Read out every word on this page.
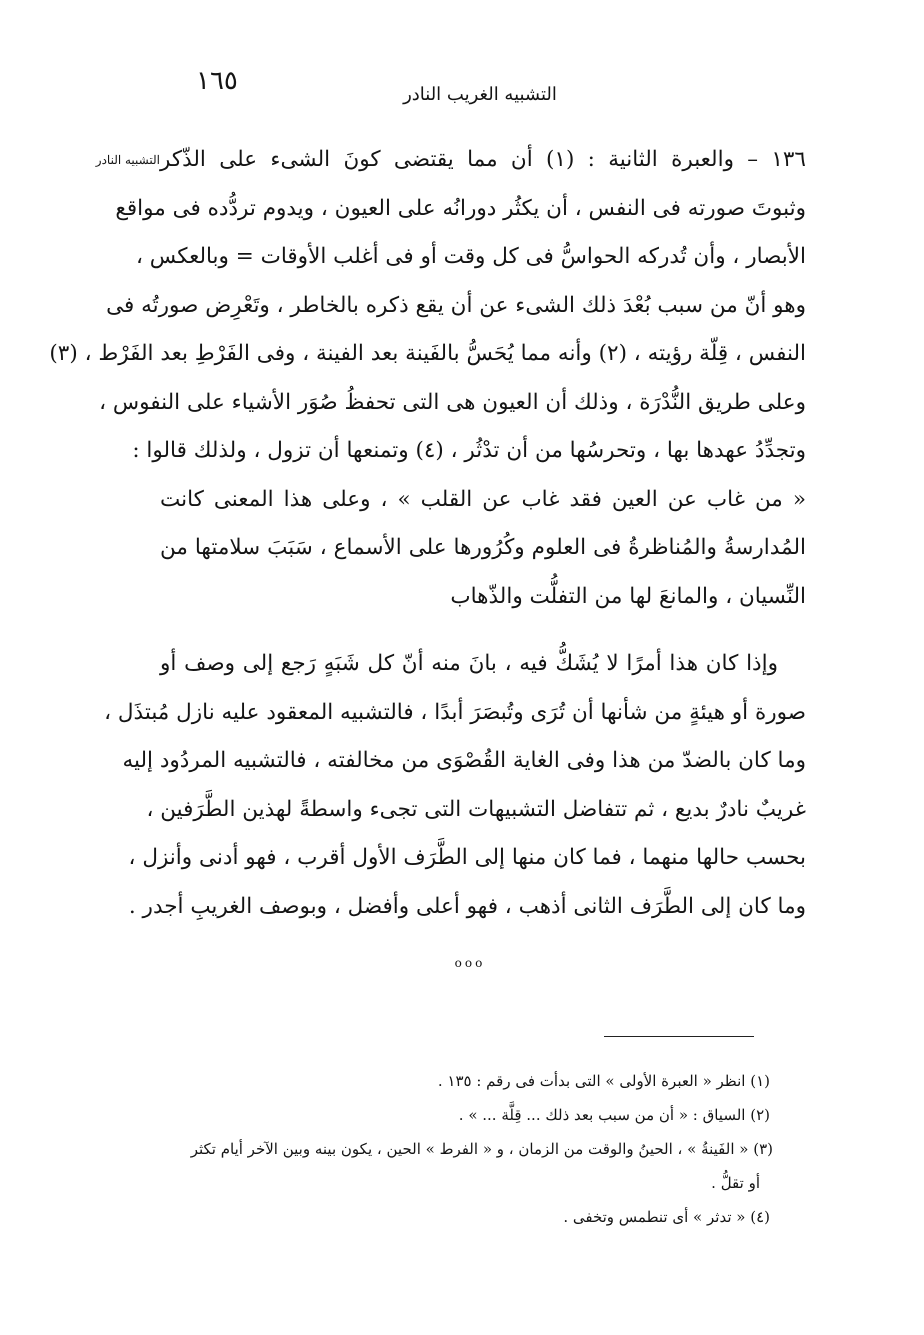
١٦٥	التشبيه الغريب النادر
التشبيه النادر ١٣٦ – والعبرة الثانية : (١) أن مما يقتضى كونَ الشىء على الذّكر
وثبوتَ صورته فى النفس ، أن يكثُر دورانُه على العيون ، ويدوم تردُّده فى مواقع
الأبصار ، وأن تُدركه الحواسُّ فى كل وقت أو فى أغلب الأوقات = وبالعكس ،
وهو أنّ من سبب بُعْدَ ذلك الشىء عن أن يقع ذكره بالخاطر ، وتَعْرِض صورتُه فى
النفس ، قِلّة رؤيته ، (٢) وأنه مما يُحَسُّ بالفَينة بعد الفينة ، وفى الفَرْطِ بعد الفَرْط ، (٣)
وعلى طريق النُّدْرَة ، وذلك أن العيون هى التى تحفظُ صُوَر الأشياء على النفوس ،
وتجدِّدُ عهدها بها ، وتحرسُها من أن تدْثُر ، (٤) وتمنعها أن تزول ، ولذلك قالوا :
« من غاب عن العين فقد غاب عن القلب » ، وعلى هذا المعنى كانت
المُدارسةُ والمُناظرةُ فى العلوم وكُرُورها على الأسماع ، سَبَبَ سلامتها من
النِّسيان ، والمانعَ لها من التفلُّت والذّهاب
وإذا كان هذا أمرًا لا يُشَكُّ فيه ، بانَ منه أنّ كل شَبَهٍ رَجع إلى وصف أو
صورة أو هيئةٍ من شأنها أن تُرَى وتُبصَرَ أبدًا ، فالتشبيه المعقود عليه نازل مُبتذَل ،
وما كان بالضدّ من هذا وفى الغاية القُصْوَى من مخالفته ، فالتشبيه المردُود إليه
غريبٌ نادرٌ بديع ، ثم تتفاضل التشبيهات التى تجىء واسطةً لهذين الطَّرَفين ،
بحسب حالها منهما ، فما كان منها إلى الطَّرَف الأول أقرب ، فهو أدنى وأنزل ،
وما كان إلى الطَّرَف الثانى أذهب ، فهو أعلى وأفضل ، وبوصف الغريبِ أجدر .
ooo
(١) انظر « العبرة الأولى » التى بدأت فى رقم : ١٣٥ .
(٢) السياق : « أن من سبب بعد ذلك ... قِلَّة ... » .
(٣) « الفَينةُ » ، الحينُ والوقت من الزمان ، و « الفرط » الحين ، يكون بينه وبين الآخر أيام تكثر
أو تقلُّ .
(٤) « تدثر » أى تنطمس وتخفى .
